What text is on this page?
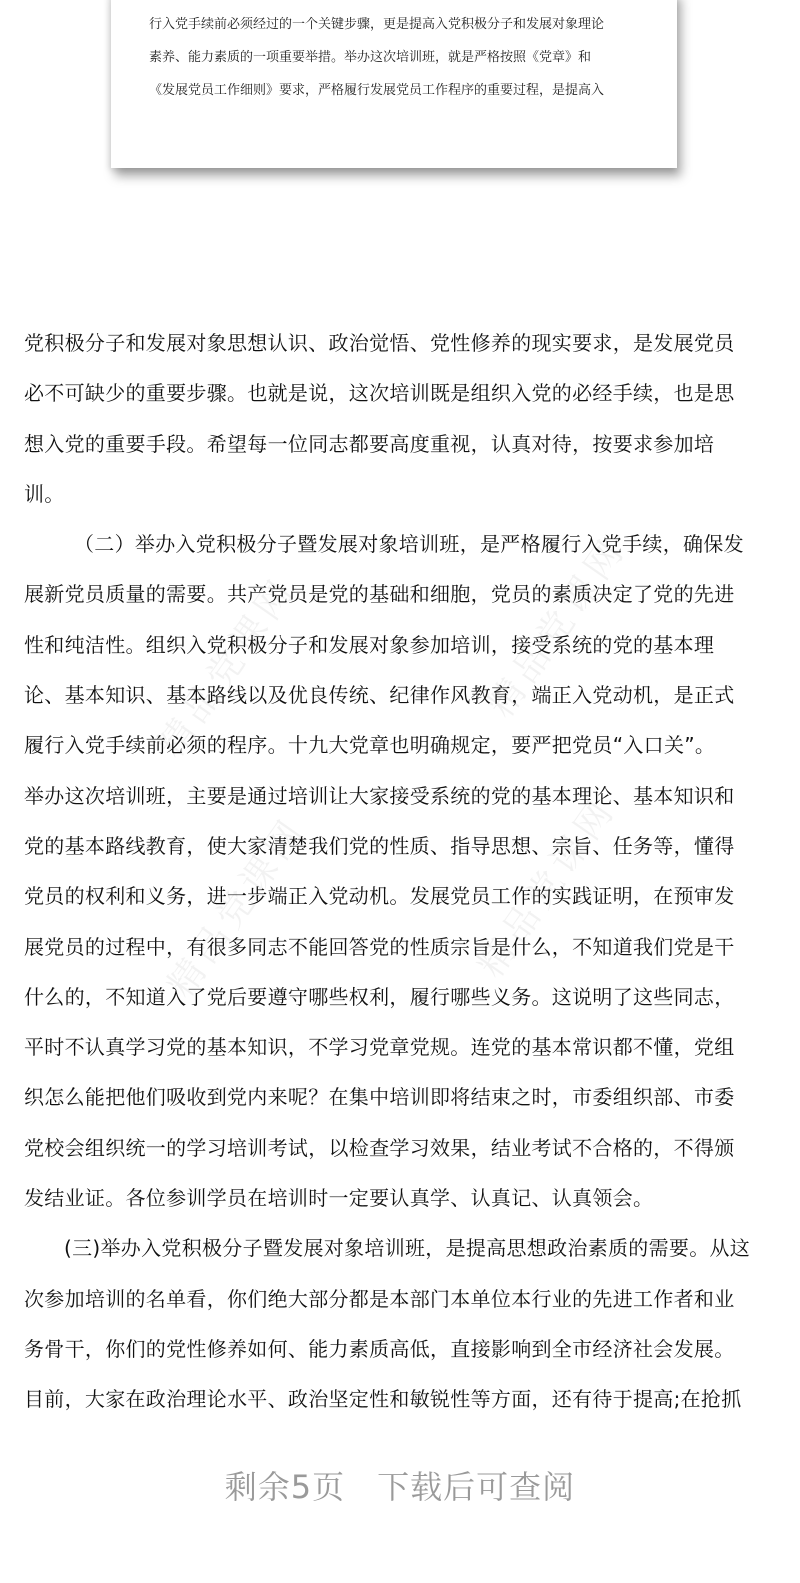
行入党手续前必须经过的一个关键步骤，更是提高入党积极分子和发展对象理论
素养、能力素质的一项重要举措。举办这次培训班，就是严格按照《党章》和
《发展党员工作细则》要求，严格履行发展党员工作程序的重要过程，是提高入
精品党课网	精品党课网
精品党课网	精品党课网
党积极分子和发展对象思想认识、政治觉悟、党性修养的现实要求，是发展党员
必不可缺少的重要步骤。也就是说，这次培训既是组织入党的必经手续，也是思
想入党的重要手段。希望每一位同志都要高度重视，认真对待，按要求参加培
训。
（二）举办入党积极分子暨发展对象培训班，是严格履行入党手续，确保发
展新党员质量的需要。共产党员是党的基础和细胞，党员的素质决定了党的先进
性和纯洁性。组织入党积极分子和发展对象参加培训，接受系统的党的基本理
论、基本知识、基本路线以及优良传统、纪律作风教育，端正入党动机，是正式
履行入党手续前必须的程序。十九大党章也明确规定，要严把党员“入口关”。
举办这次培训班，主要是通过培训让大家接受系统的党的基本理论、基本知识和
党的基本路线教育，使大家清楚我们党的性质、指导思想、宗旨、任务等，懂得
党员的权利和义务，进一步端正入党动机。发展党员工作的实践证明，在预审发
展党员的过程中，有很多同志不能回答党的性质宗旨是什么，不知道我们党是干
什么的，不知道入了党后要遵守哪些权利，履行哪些义务。这说明了这些同志，
平时不认真学习党的基本知识，不学习党章党规。连党的基本常识都不懂，党组
织怎么能把他们吸收到党内来呢？在集中培训即将结束之时，市委组织部、市委
党校会组织统一的学习培训考试，以检查学习效果，结业考试不合格的，不得颁
发结业证。各位参训学员在培训时一定要认真学、认真记、认真领会。
(三)举办入党积极分子暨发展对象培训班，是提高思想政治素质的需要。从这
次参加培训的名单看，你们绝大部分都是本部门本单位本行业的先进工作者和业
务骨干，你们的党性修养如何、能力素质高低，直接影响到全市经济社会发展。
目前，大家在政治理论水平、政治坚定性和敏锐性等方面，还有待于提高;在抢抓
剩余5页 下载后可查阅
